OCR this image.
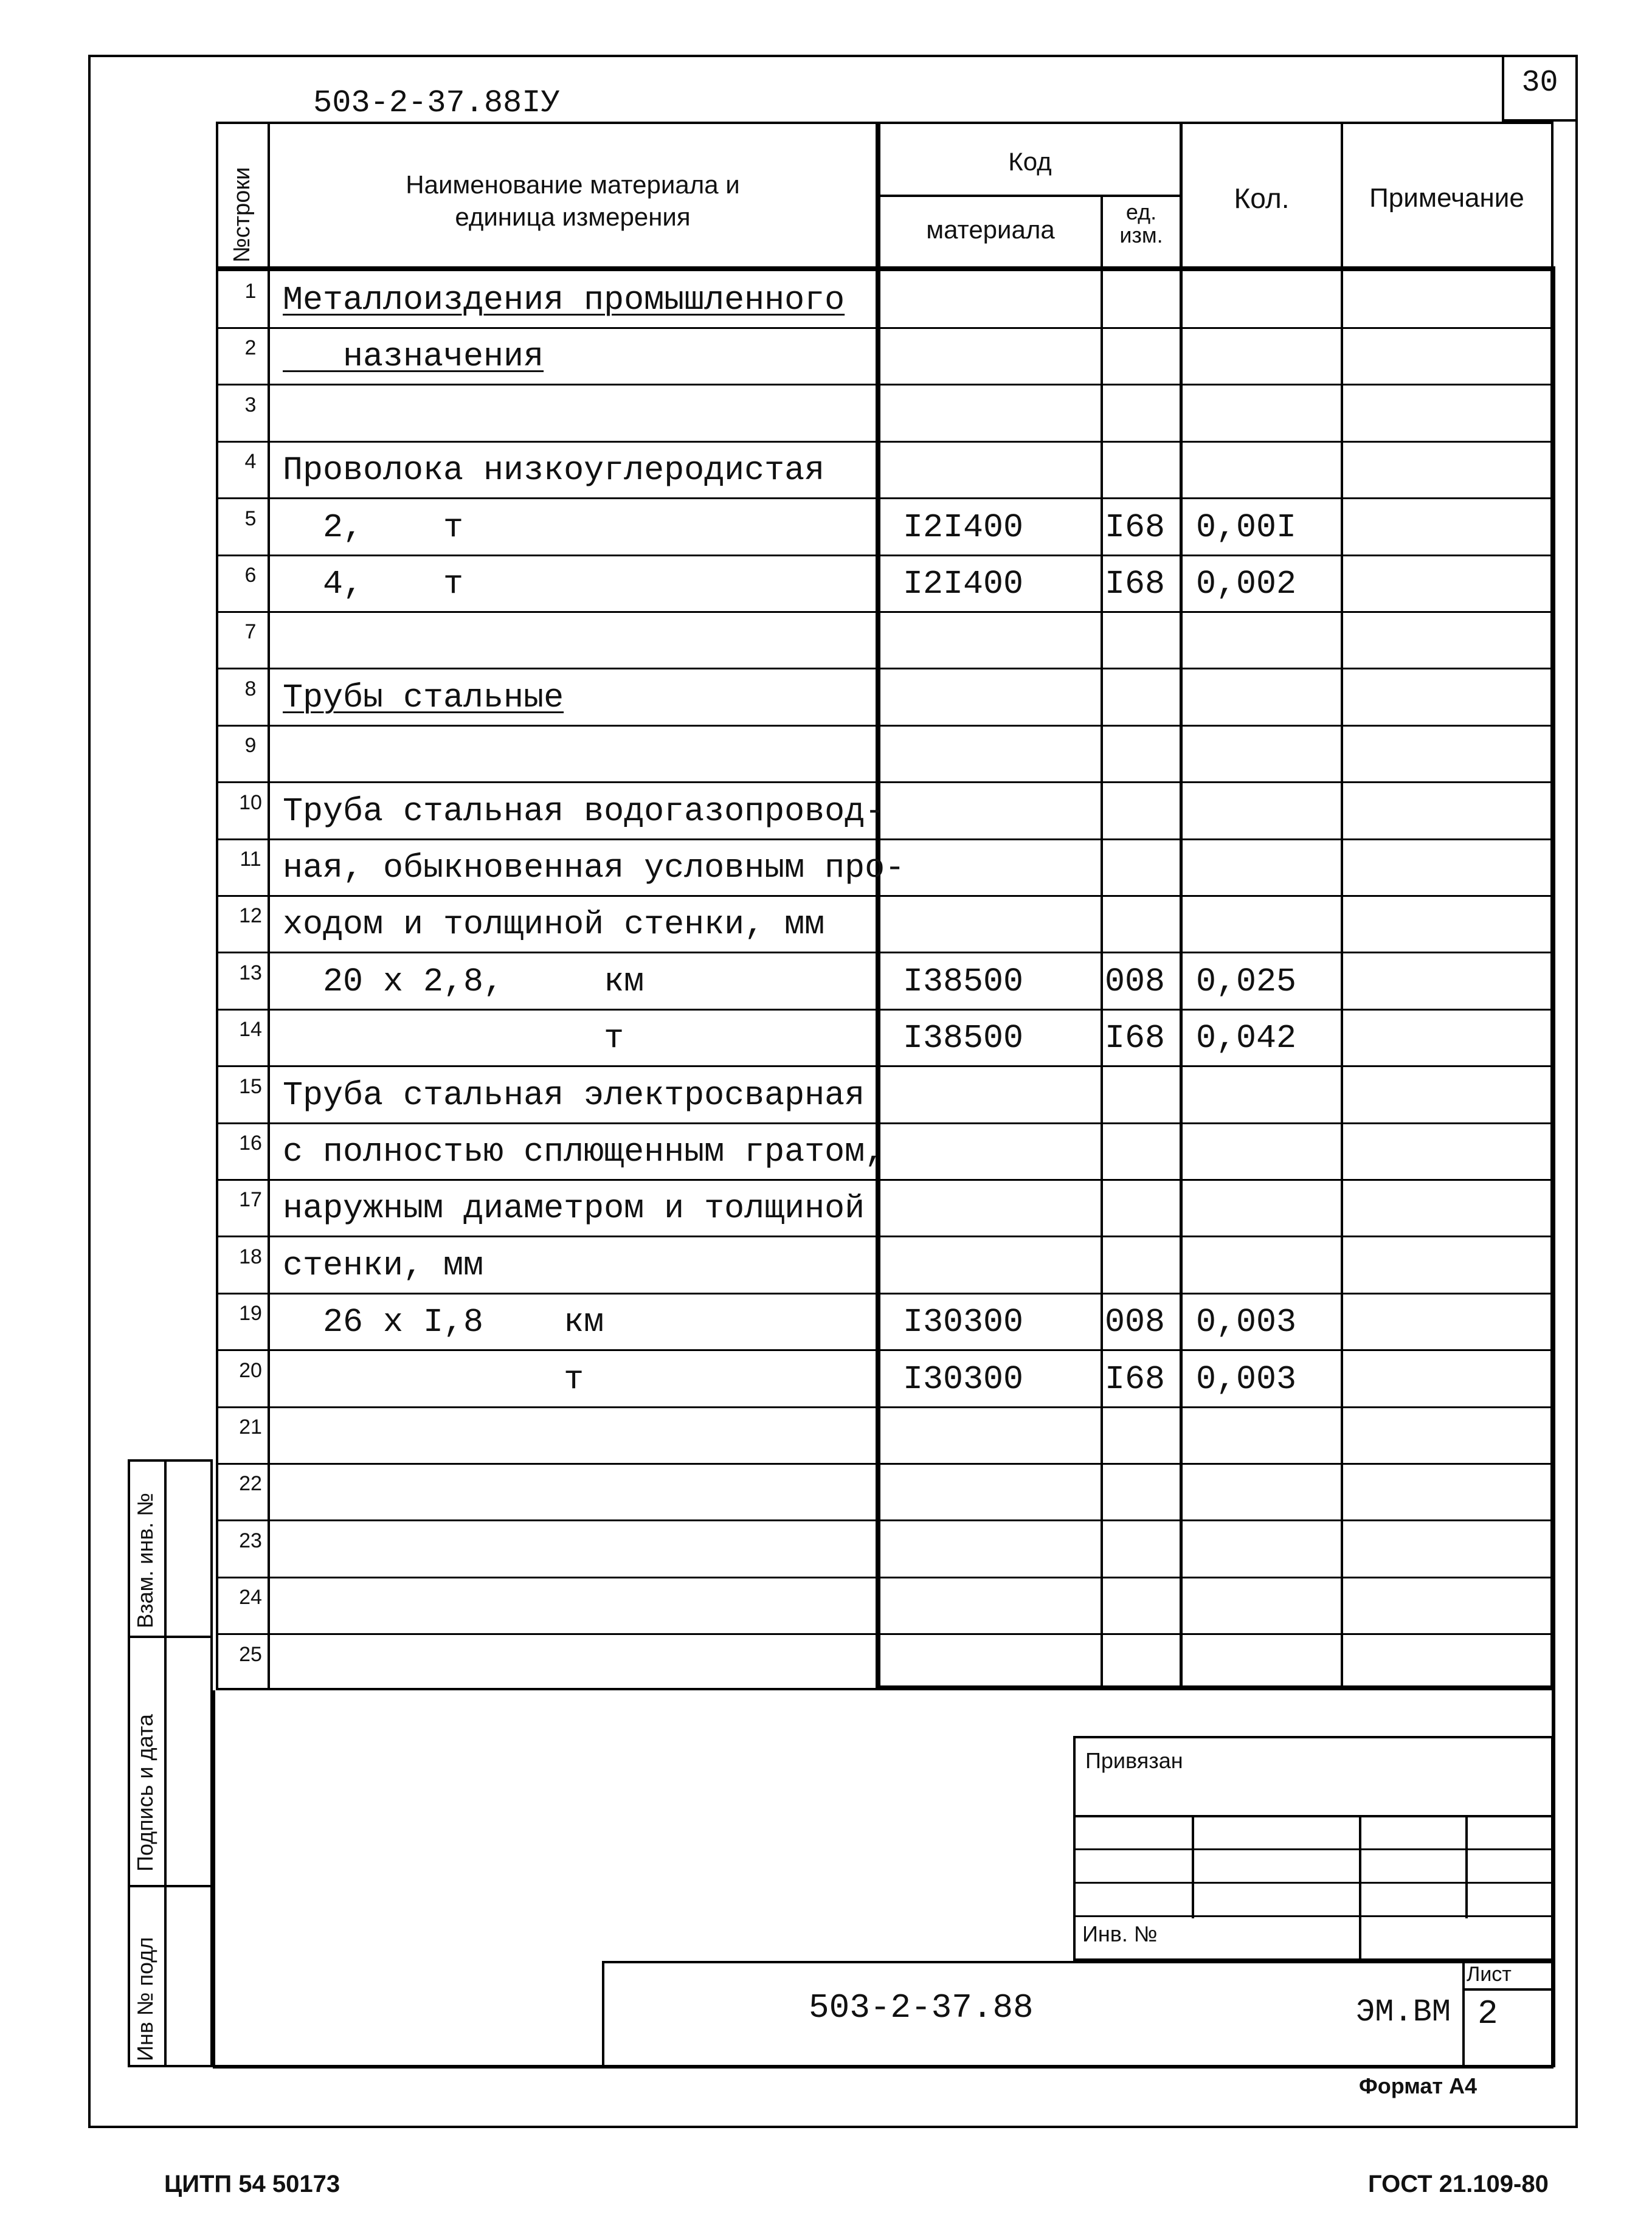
30
503-2-37.88IУ
№строки	Наименование материала и
единица измерения
Код
материала
ед.
изм.
Кол.	Примечание
1 Металлоиздения промышленного
2 назначения
3
4 Проволока низкоуглеродистая
5 2,    т	I2I400 I68 0,00I
6 4,    т	I2I400 I68 0,002
7
8 Трубы стальные
9
10 Труба стальная водогазопровод-
11 ная, обыкновенная условным про-
12 ходом и толщиной стенки, мм
13 20 х 2,8,     км	I38500 008 0,025
14 т	I38500 I68 0,042
15 Труба стальная электросварная
16 с полностью сплющенным гратом,
17 наружным диаметром и толщиной
18 стенки, мм
19 26 х I,8    км	I30300 008 0,003
20 т	I30300 I68 0,003
21
22
23
24
25
Взам. инв. №
Подпись и дата
Инв № подл
Привязан
Инв. №
503-2-37.88	ЭМ.ВМ
Лист
2
Формат А4
ЦИТП 54 50173	ГОСТ 21.109-80
